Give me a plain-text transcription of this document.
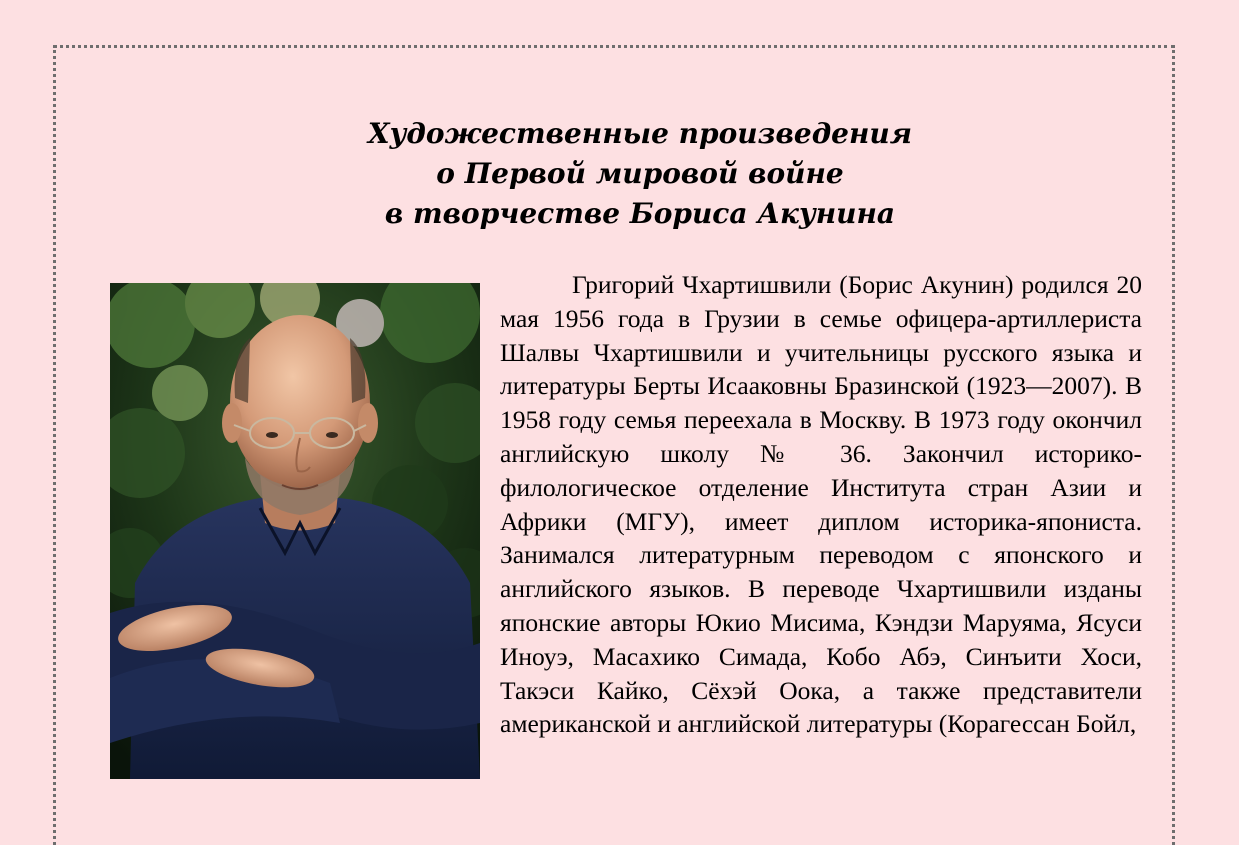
Художественные произведения
о Первой мировой войне
в творчестве Бориса Акунина

Григорий Чхартишвили (Борис Акунин) родился 20 мая 1956 года в Грузии в семье офицера-артиллериста Шалвы Чхартишвили и учительницы русского языка и литературы Берты Исааковны Бразинской (1923—2007). В 1958 году семья переехала в Москву. В 1973 году окончил английскую школу № 36. Закончил историко-филологическое отделение Института стран Азии и Африки (МГУ), имеет диплом историка-япониста. Занимался литературным переводом с японского и английского языков. В переводе Чхартишвили изданы японские авторы Юкио Мисима, Кэндзи Маруяма, Ясуси Иноуэ, Масахико Симада, Кобо Абэ, Синъити Хоси, Такэси Кайко, Сёхэй Оока, а также представители американской и английской литературы (Корагессан Бойл,
